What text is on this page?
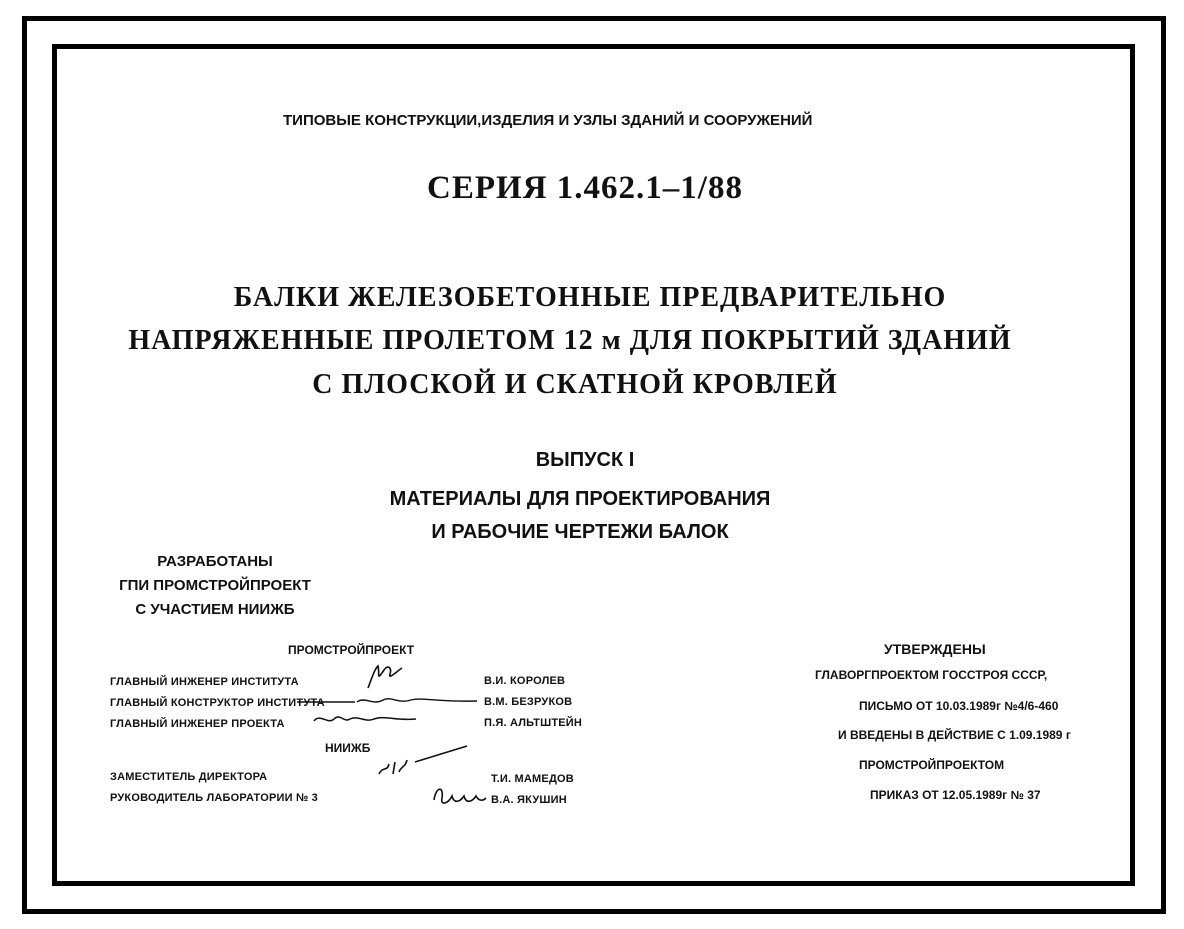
ТИПОВЫЕ КОНСТРУКЦИИ,ИЗДЕЛИЯ И УЗЛЫ ЗДАНИЙ И СООРУЖЕНИЙ
СЕРИЯ 1.462.1–1/88
БАЛКИ ЖЕЛЕЗОБЕТОННЫЕ ПРЕДВАРИТЕЛЬНО
НАПРЯЖЕННЫЕ ПРОЛЕТОМ 12 м ДЛЯ ПОКРЫТИЙ ЗДАНИЙ
С ПЛОСКОЙ И СКАТНОЙ КРОВЛЕЙ
ВЫПУСК I
МАТЕРИАЛЫ ДЛЯ ПРОЕКТИРОВАНИЯ
И РАБОЧИЕ ЧЕРТЕЖИ БАЛОК
РАЗРАБОТАНЫ
ГПИ ПРОМСТРОЙПРОЕКТ
С УЧАСТИЕМ НИИЖБ
ПРОМСТРОЙПРОЕКТ
ГЛАВНЫЙ ИНЖЕНЕР ИНСТИТУТА	В.И. КОРОЛЕВ
ГЛАВНЫЙ КОНСТРУКТОР ИНСТИТУТА	В.М. БЕЗРУКОВ
ГЛАВНЫЙ ИНЖЕНЕР ПРОЕКТА	П.Я. АЛЬТШТЕЙН
НИИЖБ
ЗАМЕСТИТЕЛЬ ДИРЕКТОРА	Т.И. МАМЕДОВ
РУКОВОДИТЕЛЬ ЛАБОРАТОРИИ № 3	В.А. ЯКУШИН
УТВЕРЖДЕНЫ
ГЛАВОРГПРОЕКТОМ ГОССТРОЯ СССР,
ПИСЬМО ОТ 10.03.1989г №4/6-460
И ВВЕДЕНЫ В ДЕЙСТВИЕ С 1.09.1989 г
ПРОМСТРОЙПРОЕКТОМ
ПРИКАЗ ОТ 12.05.1989г № 37
